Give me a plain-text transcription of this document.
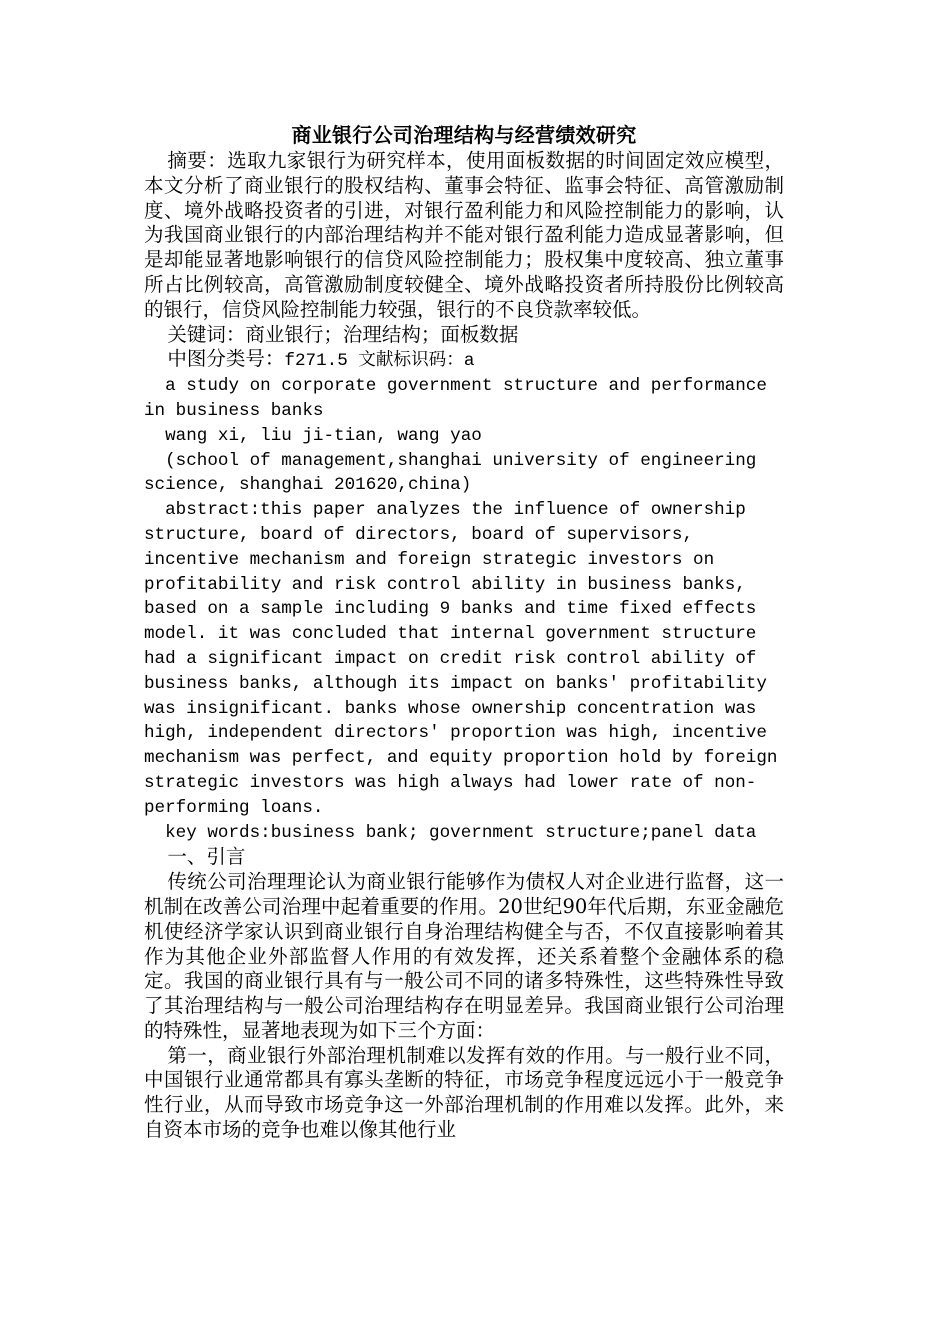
商业银行公司治理结构与经营绩效研究

摘要：选取九家银行为研究样本，使用面板数据的时间固定效应模型，本文分析了商业银行的股权结构、董事会特征、监事会特征、高管激励制度、境外战略投资者的引进，对银行盈利能力和风险控制能力的影响，认为我国商业银行的内部治理结构并不能对银行盈利能力造成显著影响，但是却能显著地影响银行的信贷风险控制能力；股权集中度较高、独立董事所占比例较高，高管激励制度较健全、境外战略投资者所持股份比例较高的银行，信贷风险控制能力较强，银行的不良贷款率较低。

关键词：商业银行；治理结构；面板数据

中图分类号：f271.5 文献标识码：a

a study on corporate government structure and performance in business banks

wang xi, liu ji-tian, wang yao

(school of management,shanghai university of engineering science, shanghai 201620,china)

abstract:this paper analyzes the influence of ownership structure, board of directors, board of supervisors, incentive mechanism and foreign strategic investors on profitability and risk control ability in business banks, based on a sample including 9 banks and time fixed effects model. it was concluded that internal government structure had a significant impact on credit risk control ability of business banks, although its impact on banks′ profitability was insignificant. banks whose ownership concentration was high, independent directors′ proportion was high, incentive mechanism was perfect, and equity proportion hold by foreign strategic investors was high always had lower rate of non-performing loans.

key words:business bank; government structure;panel data

一、引言

传统公司治理理论认为商业银行能够作为债权人对企业进行监督，这一机制在改善公司治理中起着重要的作用。20世纪90年代后期，东亚金融危机使经济学家认识到商业银行自身治理结构健全与否，不仅直接影响着其作为其他企业外部监督人作用的有效发挥，还关系着整个金融体系的稳定。我国的商业银行具有与一般公司不同的诸多特殊性，这些特殊性导致了其治理结构与一般公司治理结构存在明显差异。我国商业银行公司治理的特殊性，显著地表现为如下三个方面：

第一，商业银行外部治理机制难以发挥有效的作用。与一般行业不同，中国银行业通常都具有寡头垄断的特征，市场竞争程度远远小于一般竞争性行业，从而导致市场竞争这一外部治理机制的作用难以发挥。此外，来自资本市场的竞争也难以像其他行业
